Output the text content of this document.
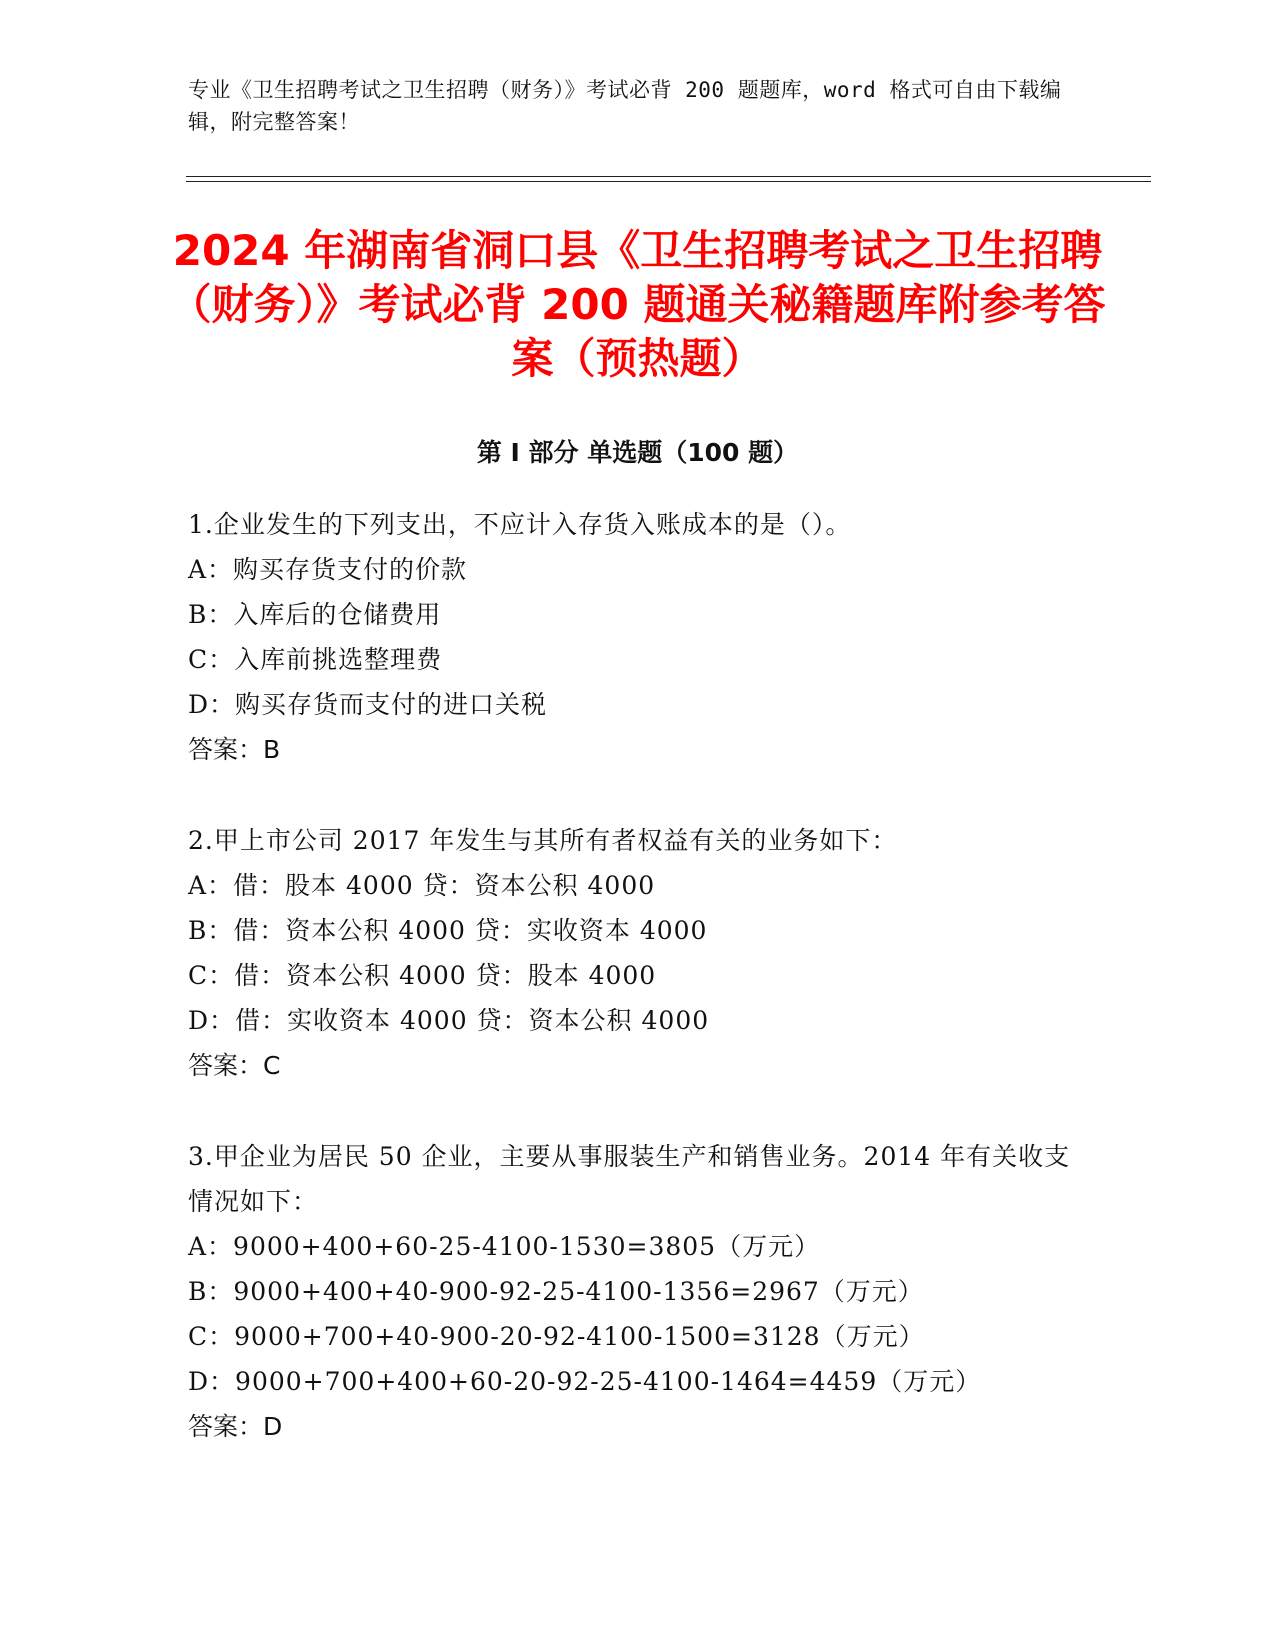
专业《卫生招聘考试之卫生招聘（财务）》考试必背 200 题题库，word 格式可自由下载编辑，附完整答案！
2024 年湖南省洞口县《卫生招聘考试之卫生招聘（财务）》考试必背 200 题通关秘籍题库附参考答案（预热题）
第 I 部分 单选题（100 题）
1.企业发生的下列支出，不应计入存货入账成本的是（）。
A：购买存货支付的价款
B：入库后的仓储费用
C：入库前挑选整理费
D：购买存货而支付的进口关税
答案：B
2.甲上市公司 2017 年发生与其所有者权益有关的业务如下：
A：借：股本 4000 贷：资本公积 4000
B：借：资本公积 4000 贷：实收资本 4000
C：借：资本公积 4000 贷：股本 4000
D：借：实收资本 4000 贷：资本公积 4000
答案：C
3.甲企业为居民 50 企业，主要从事服装生产和销售业务。2014 年有关收支情况如下：
A：9000+400+60-25-4100-1530=3805（万元）
B：9000+400+40-900-92-25-4100-1356=2967（万元）
C：9000+700+40-900-20-92-4100-1500=3128（万元）
D：9000+700+400+60-20-92-25-4100-1464=4459（万元）
答案：D
